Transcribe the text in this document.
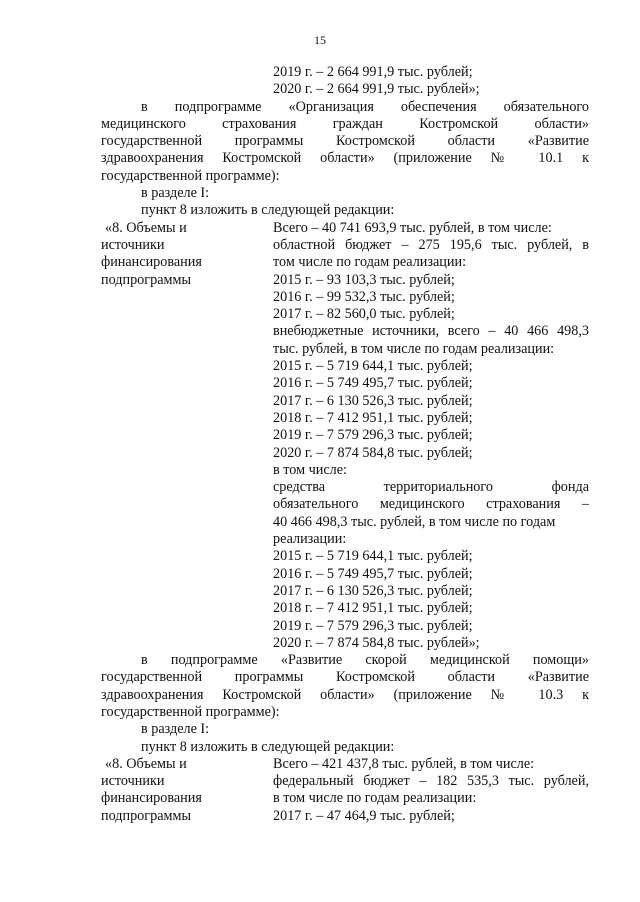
15
2019 г. – 2 664 991,9 тыс. рублей;
2020 г. – 2 664 991,9 тыс. рублей»;
в подпрограмме «Организация обеспечения обязательного
медицинского страхования граждан Костромской области»
государственной программы Костромской области «Развитие
здравоохранения Костромской области» (приложение № 10.1 к
государственной программе):
в разделе I:
пункт 8 изложить в следующей редакции:
«8. Объемы и
источники
финансирования
подпрограммы
Всего – 40 741 693,9 тыс. рублей, в том числе:
областной бюджет – 275 195,6 тыс. рублей, в
том числе по годам реализации:
2015 г. – 93 103,3 тыс. рублей;
2016 г. – 99 532,3 тыс. рублей;
2017 г. – 82 560,0 тыс. рублей;
внебюджетные источники, всего – 40 466 498,3
тыс. рублей, в том числе по годам реализации:
2015 г. – 5 719 644,1 тыс. рублей;
2016 г. – 5 749 495,7 тыс. рублей;
2017 г. – 6 130 526,3 тыс. рублей;
2018 г. – 7 412 951,1 тыс. рублей;
2019 г. – 7 579 296,3 тыс. рублей;
2020 г. – 7 874 584,8 тыс. рублей;
в том числе:
средства территориального фонда
обязательного медицинского страхования –
40 466 498,3 тыс. рублей, в том числе по годам
реализации:
2015 г. – 5 719 644,1 тыс. рублей;
2016 г. – 5 749 495,7 тыс. рублей;
2017 г. – 6 130 526,3 тыс. рублей;
2018 г. – 7 412 951,1 тыс. рублей;
2019 г. – 7 579 296,3 тыс. рублей;
2020 г. – 7 874 584,8 тыс. рублей»;
в подпрограмме «Развитие скорой медицинской помощи»
государственной программы Костромской области «Развитие
здравоохранения Костромской области» (приложение № 10.3 к
государственной программе):
в разделе I:
пункт 8 изложить в следующей редакции:
«8. Объемы и
источники
финансирования
подпрограммы
Всего – 421 437,8 тыс. рублей, в том числе:
федеральный бюджет – 182 535,3 тыс. рублей,
в том числе по годам реализации:
2017 г. – 47 464,9 тыс. рублей;
